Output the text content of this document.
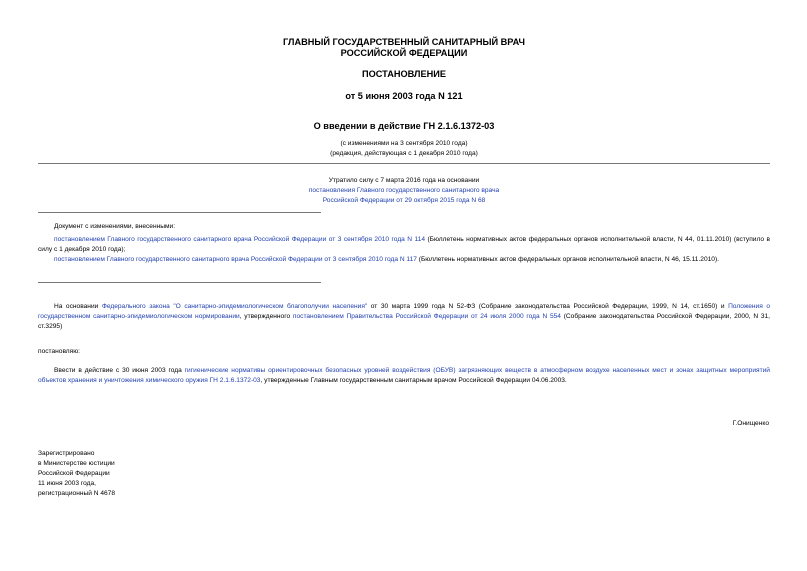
ГЛАВНЫЙ ГОСУДАРСТВЕННЫЙ САНИТАРНЫЙ ВРАЧ
РОССИЙСКОЙ ФЕДЕРАЦИИ
ПОСТАНОВЛЕНИЕ
от 5 июня 2003 года N 121
О введении в действие ГН 2.1.6.1372-03
(с изменениями на 3 сентября 2010 года)
(редакция, действующая с 1 декабря 2010 года)
Утратило силу с 7 марта 2016 года на основании
постановления Главного государственного санитарного врача
Российской Федерации от 29 октября 2015 года N 68
Документ с изменениями, внесенными:
постановлением Главного государственного санитарного врача Российской Федерации от 3 сентября 2010 года N 114 (Бюллетень нормативных актов федеральных органов исполнительной власти, N 44, 01.11.2010) (вступило в силу с 1 декабря 2010 года);
постановлением Главного государственного санитарного врача Российской Федерации от 3 сентября 2010 года N 117 (Бюллетень нормативных актов федеральных органов исполнительной власти, N 46, 15.11.2010).
На основании Федерального закона "О санитарно-эпидемиологическом благополучии населения" от 30 марта 1999 года N 52-ФЗ (Собрание законодательства Российской Федерации, 1999, N 14, ст.1650) и Положения о государственном санитарно-эпидемиологическом нормировании, утвержденного постановлением Правительства Российской Федерации от 24 июля 2000 года N 554 (Собрание законодательства Российской Федерации, 2000, N 31, ст.3295)
постановляю:
Ввести в действие с 30 июня 2003 года гигиенические нормативы ориентировочных безопасных уровней воздействия (ОБУВ) загрязняющих веществ в атмосферном воздухе населенных мест и зонах защитных мероприятий объектов хранения и уничтожения химического оружия ГН 2.1.6.1372-03, утвержденные Главным государственным санитарным врачом Российской Федерации 04.06.2003.
Г.Онищенко
Зарегистрировано
в Министерстве юстиции
Российской Федерации
11 июня 2003 года,
регистрационный N 4678
